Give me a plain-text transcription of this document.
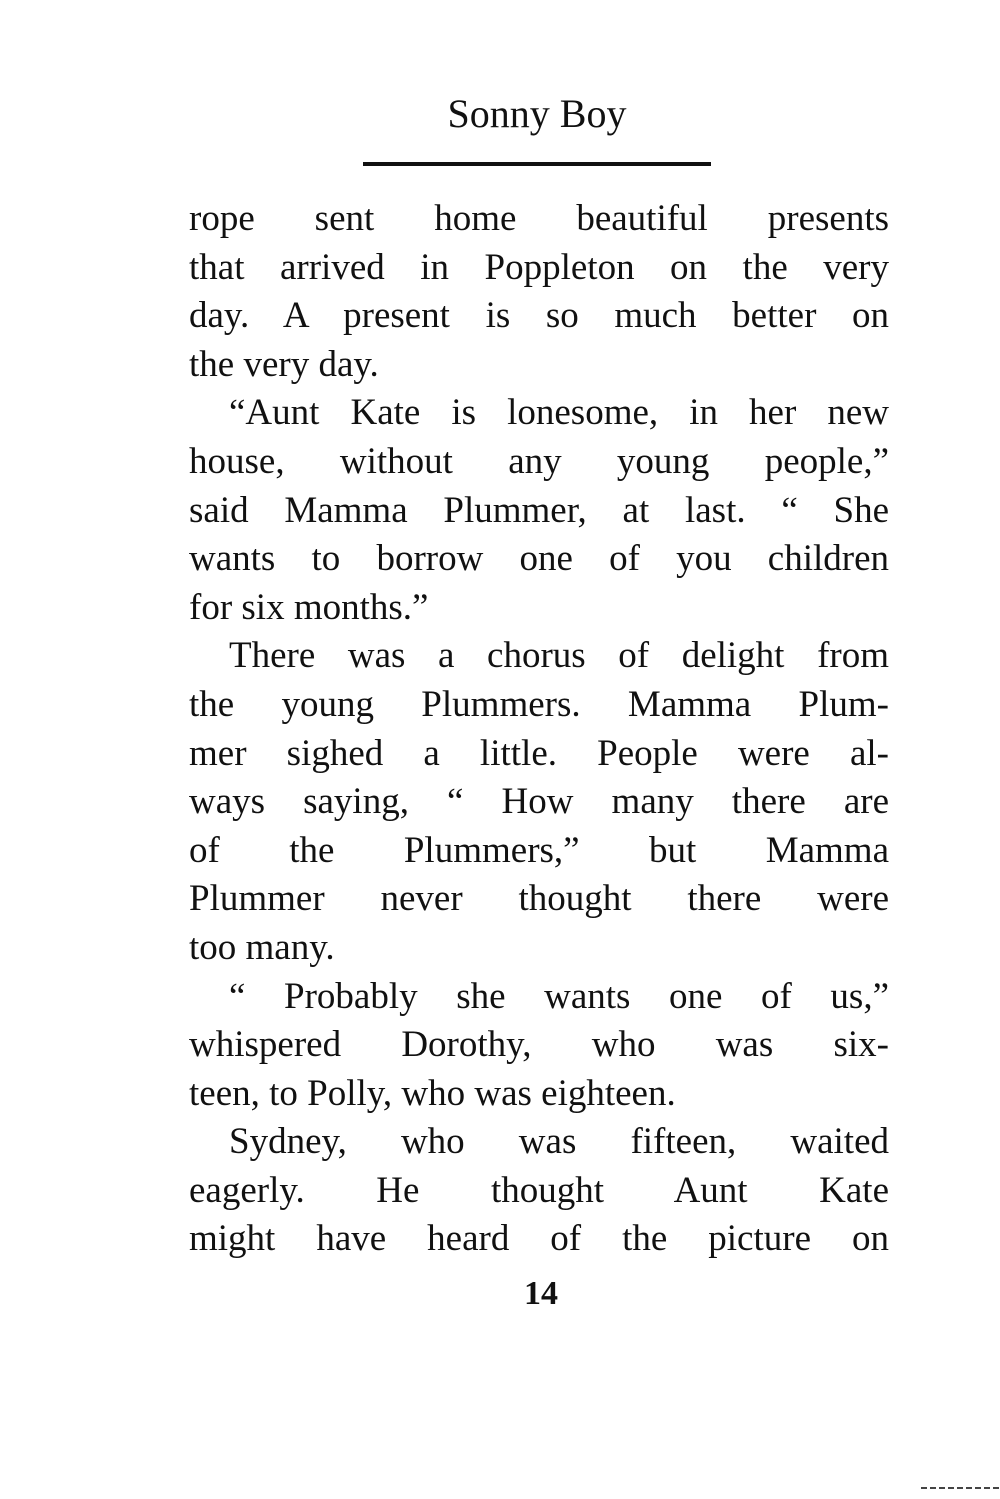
Sonny Boy
rope sent home beautiful presents
that arrived in Poppleton on the very
day. A present is so much better on
the very day.
“Aunt Kate is lonesome, in her new
house, without any young people,”
said Mamma Plummer, at last. “ She
wants to borrow one of you children
for six months.”
There was a chorus of delight from
the young Plummers. Mamma Plum-
mer sighed a little. People were al-
ways saying, “ How many there are
of the Plummers,” but Mamma
Plummer never thought there were
too many.
“ Probably she wants one of us,”
whispered Dorothy, who was six-
teen, to Polly, who was eighteen.
Sydney, who was fifteen, waited
eagerly. He thought Aunt Kate
might have heard of the picture on
14
